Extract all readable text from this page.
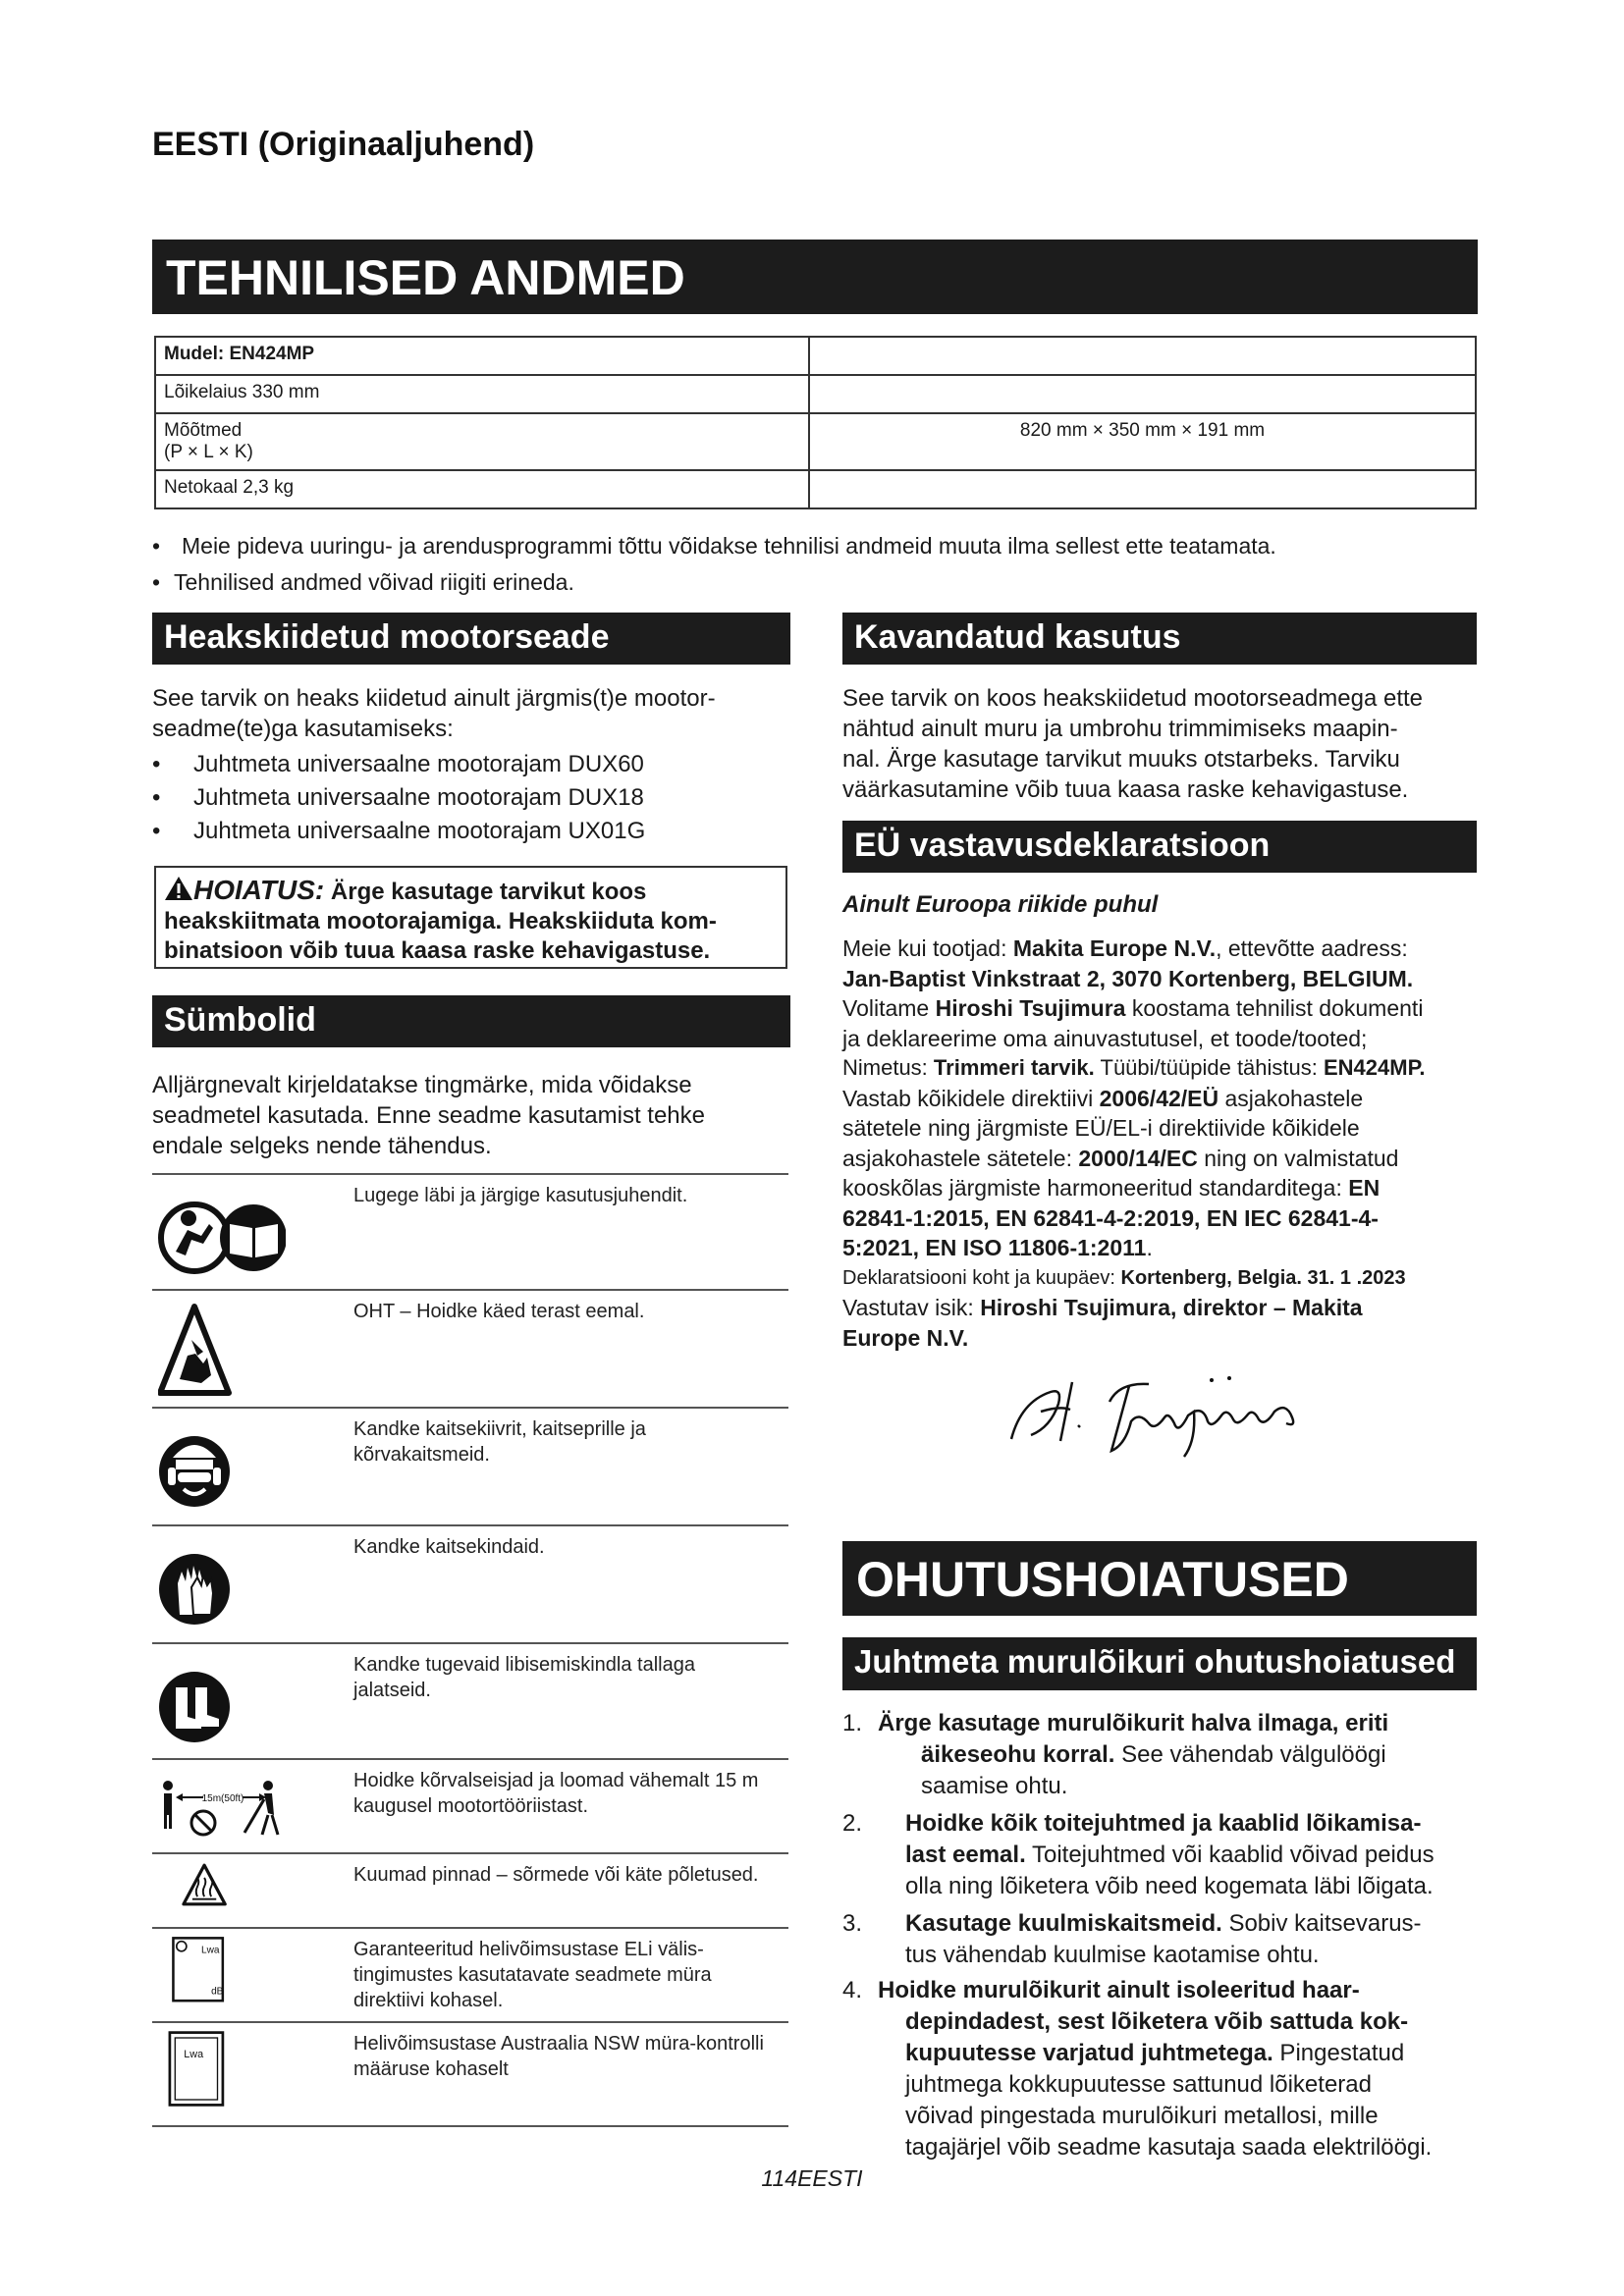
EESTI (Originaaljuhend)
TEHNILISED ANDMED
Mudel: EN424MP	
Lõikelaius 330 mm	

Mõõtmed
(P × L × K)	820 mm × 350 mm × 191 mm
Netokaal 2,3 kg	
• Meie pideva uuringu- ja arendusprogrammi tõttu võidakse tehnilisi andmeid muuta ilma sellest ette teatamata.
• Tehnilised andmed võivad riigiti erineda.
Heakskiidetud mootorseade
See tarvik on heaks kiidetud ainult järgmis(t)e mootor-
seadme(te)ga kasutamiseks:
• Juhtmeta universaalne mootorajam DUX60
• Juhtmeta universaalne mootorajam DUX18
• Juhtmeta universaalne mootorajam UX01G
HOIATUS: Ärge kasutage tarvikut koos
heakskiitmata mootorajamiga. Heakskiiduta kom-
binatsioon võib tuua kaasa raske kehavigastuse.
Sümbolid
Alljärgnevalt kirjeldatakse tingmärke, mida võidakse
seadmetel kasutada. Enne seadme kasutamist tehke
endale selgeks nende tähendus.
Lugege läbi ja järgige kasutusjuhendit.
OHT – Hoidke käed terast eemal.
Kandke kaitsekiivrit, kaitseprille ja kõrvakaitsmeid.
Kandke kaitsekindaid.
Kandke tugevaid libisemiskindla tallaga jalatseid.
15m(50ft)
Hoidke kõrvalseisjad ja loomad vähemalt 15 m kaugusel mootortööriistast.
Kuumad pinnad – sõrmede või käte põletused.
Lwa
dB
Garanteeritud helivõimsustase ELi välis-tingimustes kasutatavate seadmete müra direktiivi kohasel.
Lwa	Helivõimsustase Austraalia NSW müra-kontrolli määruse kohaselt
Kavandatud kasutus
See tarvik on koos heakskiidetud mootorseadmega ette
nähtud ainult muru ja umbrohu trimmimiseks maapin-
nal. Ärge kasutage tarvikut muuks otstarbeks. Tarviku
väärkasutamine võib tuua kaasa raske kehavigastuse.
EÜ vastavusdeklaratsioon
Ainult Euroopa riikide puhul
Meie kui tootjad: Makita Europe N.V., ettevõtte aadress:
Jan-Baptist Vinkstraat 2, 3070 Kortenberg, BELGIUM.
Volitame Hiroshi Tsujimura koostama tehnilist dokumenti
ja deklareerime oma ainuvastutusel, et toode/tooted;
Nimetus: Trimmeri tarvik. Tüübi/tüüpide tähistus: EN424MP.
Vastab kõikidele direktiivi 2006/42/EÜ asjakohastele
sätetele ning järgmiste EÜ/EL-i direktiivide kõikidele
asjakohastele sätetele: 2000/14/EC ning on valmistatud
kooskõlas järgmiste harmoneeritud standarditega: EN
62841-1:2015, EN 62841-4-2:2019, EN IEC 62841-4-
5:2021, EN ISO 11806-1:2011.
Deklaratsiooni koht ja kuupäev: Kortenberg, Belgia. 31. 1 .2023
Vastutav isik: Hiroshi Tsujimura, direktor – Makita
Europe N.V.
OHUTUSHOIATUSED
Juhtmeta murulõikuri ohutushoiatused
1. Ärge kasutage murulõikurit halva ilmaga, eriti
äikeseohu korral. See vähendab välgulöögi
saamise ohtu.
2. Hoidke kõik toitejuhtmed ja kaablid lõikamisa-
last eemal. Toitejuhtmed või kaablid võivad peidus
olla ning lõiketera võib need kogemata läbi lõigata.
3. Kasutage kuulmiskaitsmeid. Sobiv kaitsevarus-
tus vähendab kuulmise kaotamise ohtu.
4. Hoidke murulõikurit ainult isoleeritud haar-
depindadest, sest lõiketera võib sattuda kok-
kupuutesse varjatud juhtmetega. Pingestatud
juhtmega kokkupuutesse sattunud lõiketerad
võivad pingestada murulõikuri metallosi, mille
tagajärjel võib seadme kasutaja saada elektrilöögi.
114EESTI
